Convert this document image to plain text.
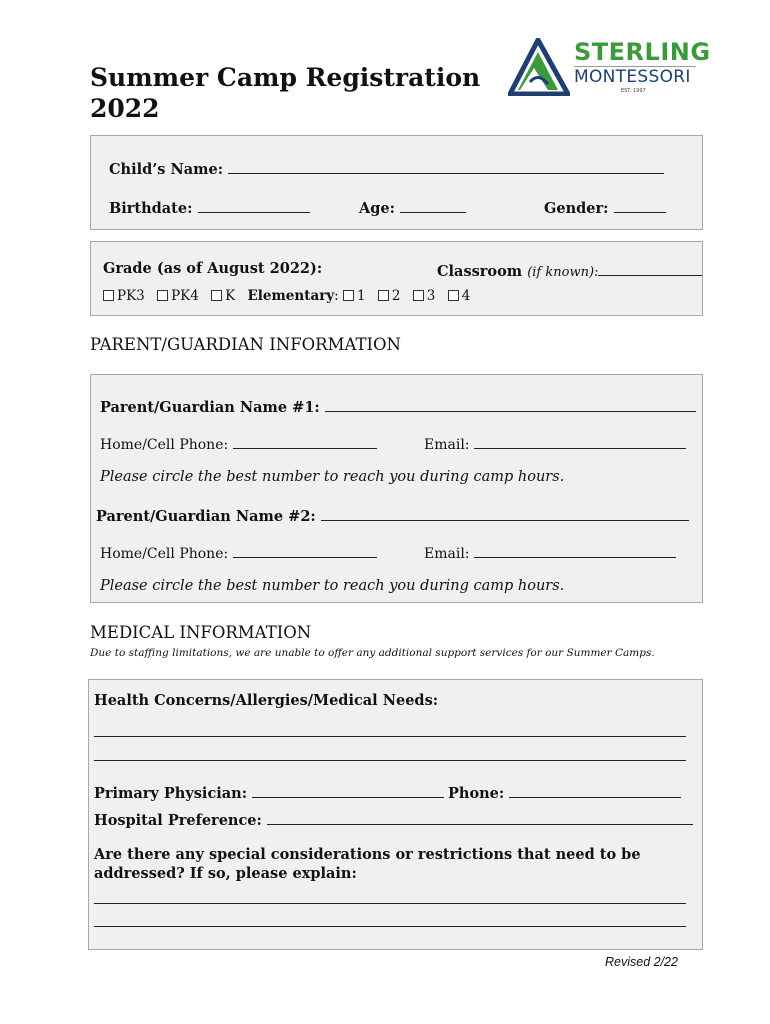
Summer Camp Registration
2022
STERLING
MONTESSORI
EST. 1997
Child’s Name:
Birthdate:	Age:	Gender:
Grade (as of August 2022):	Classroom (if known):
PK3 PK4 K Elementary: 1 2 3 4
PARENT/GUARDIAN INFORMATION
Parent/Guardian Name #1:
Home/Cell Phone:	Email:
Please circle the best number to reach you during camp hours.
Parent/Guardian Name #2:
Home/Cell Phone:	Email:
Please circle the best number to reach you during camp hours.
MEDICAL INFORMATION
Due to staffing limitations, we are unable to offer any additional support services for our Summer Camps.
Health Concerns/Allergies/Medical Needs:
Primary Physician:	Phone:
Hospital Preference:
Are there any special considerations or restrictions that need to be
addressed? If so, please explain:
Revised 2/22
